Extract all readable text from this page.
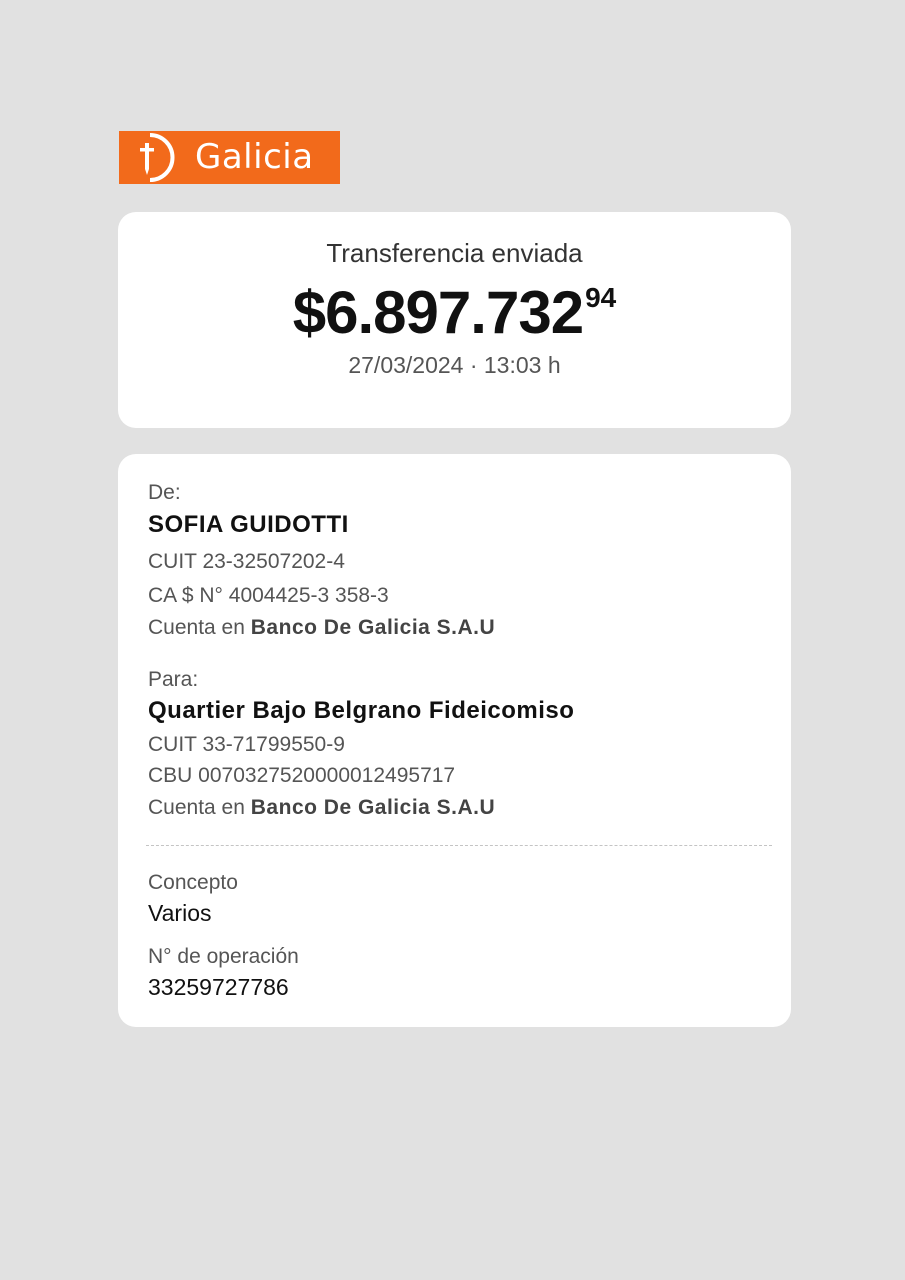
Galicia
Transferencia enviada
$6.897.732$^{94}$
27/03/2024 · 13:03 h
De:
SOFIA GUIDOTTI
CUIT 23-32507202-4
CA $ N° 4004425-3 358-3
Cuenta en Banco De Galicia S.A.U
Para:
Quartier Bajo Belgrano Fideicomiso
CUIT 33-71799550-9
CBU 0070327520000012495717
Cuenta en Banco De Galicia S.A.U
Concepto
Varios
N° de operación
33259727786
